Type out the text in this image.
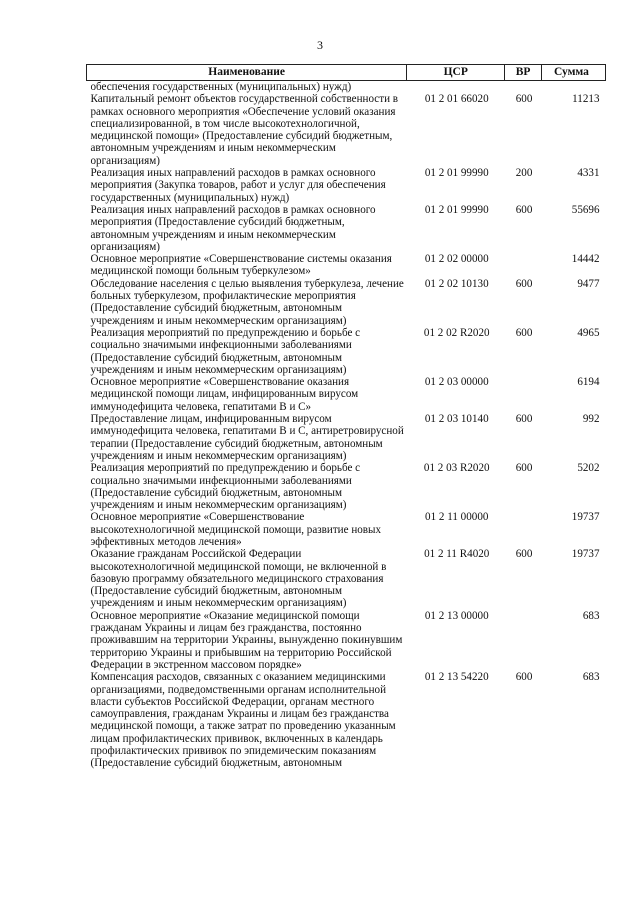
3
Наименование	ЦСР	ВР	Сумма
обеспечения государственных (муниципальных) нужд)			
Капитальный ремонт объектов государственной собственности в рамках основного мероприятия «Обеспечение условий оказания специализированной, в том числе высокотехнологичной, медицинской помощи» (Предоставление субсидий бюджетным, автономным учреждениям и иным некоммерческим организациям)	01 2 01 66020	600	11213
Реализация иных направлений расходов в рамках основного мероприятия (Закупка товаров, работ и услуг для обеспечения государственных (муниципальных) нужд)	01 2 01 99990	200	4331
Реализация иных направлений расходов в рамках основного мероприятия (Предоставление субсидий бюджетным, автономным учреждениям и иным некоммерческим организациям)	01 2 01 99990	600	55696
Основное мероприятие «Совершенствование системы оказания медицинской помощи больным туберкулезом»	01 2 02 00000		14442
Обследование населения с целью выявления туберкулеза, лечение больных туберкулезом, профилактические мероприятия (Предоставление субсидий бюджетным, автономным учреждениям и иным некоммерческим организациям)	01 2 02 10130	600	9477
Реализация мероприятий по предупреждению и борьбе с социально значимыми инфекционными заболеваниями (Предоставление субсидий бюджетным, автономным учреждениям и иным некоммерческим организациям)	01 2 02 R2020	600	4965
Основное мероприятие «Совершенствование оказания медицинской помощи лицам, инфицированным вирусом иммунодефицита человека, гепатитами В и С»	01 2 03 00000		6194
Предоставление лицам, инфицированным вирусом иммунодефицита человека, гепатитами В и С, антиретровирусной терапии (Предоставление субсидий бюджетным, автономным учреждениям и иным некоммерческим организациям)	01 2 03 10140	600	992
Реализация мероприятий по предупреждению и борьбе с социально значимыми инфекционными заболеваниями (Предоставление субсидий бюджетным, автономным учреждениям и иным некоммерческим организациям)	01 2 03 R2020	600	5202
Основное мероприятие «Совершенствование высокотехнологичной медицинской помощи, развитие новых эффективных методов лечения»	01 2 11 00000		19737
Оказание гражданам Российской Федерации высокотехнологичной медицинской помощи, не включенной в базовую программу обязательного медицинского страхования (Предоставление субсидий бюджетным, автономным учреждениям и иным некоммерческим организациям)	01 2 11 R4020	600	19737
Основное мероприятие «Оказание медицинской помощи гражданам Украины и лицам без гражданства, постоянно проживавшим на территории Украины, вынужденно покинувшим территорию Украины и прибывшим на территорию Российской Федерации в экстренном массовом порядке»	01 2 13 00000		683
Компенсация расходов, связанных с оказанием медицинскими организациями, подведомственными органам исполнительной власти субъектов Российской Федерации, органам местного самоуправления, гражданам Украины и лицам без гражданства медицинской помощи, а также затрат по проведению указанным лицам профилактических прививок, включенных в календарь профилактических прививок по эпидемическим показаниям (Предоставление субсидий бюджетным, автономным	01 2 13 54220	600	683
